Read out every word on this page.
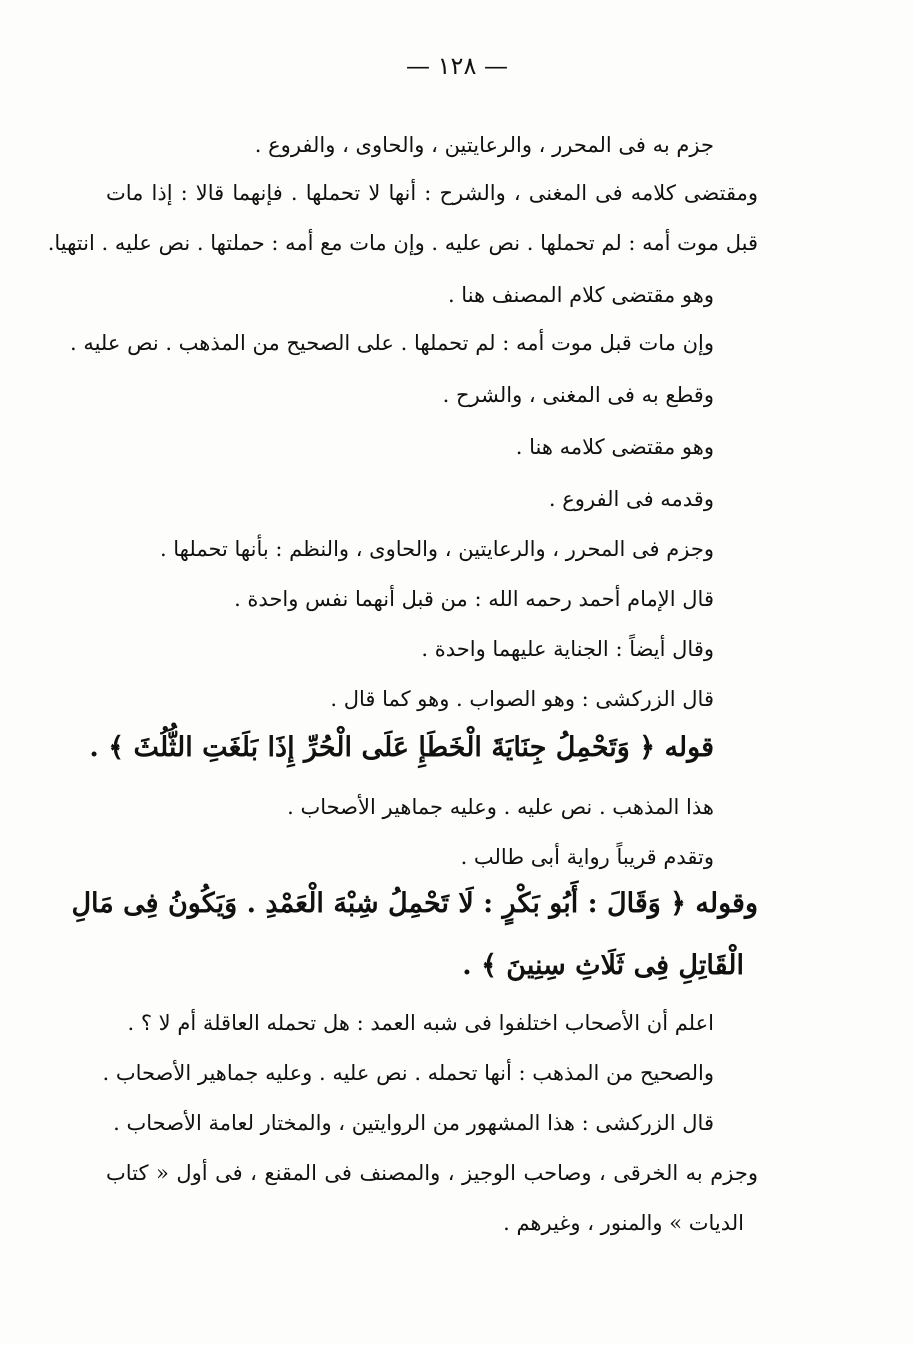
— ١٢٨ —
جزم به فى المحرر ، والرعايتين ، والحاوى ، والفروع .
ومقتضى كلامه فى المغنى ، والشرح : أنها لا تحملها . فإنهما قالا : إذا مات
قبل موت أمه : لم تحملها . نص عليه . وإن مات مع أمه : حملتها . نص عليه . انتهيا.
وهو مقتضى كلام المصنف هنا .
وإن مات قبل موت أمه : لم تحملها . على الصحيح من المذهب . نص عليه .
وقطع به فى المغنى ، والشرح .
وهو مقتضى كلامه هنا .
وقدمه فى الفروع .
وجزم فى المحرر ، والرعايتين ، والحاوى ، والنظم : بأنها تحملها .
قال الإمام أحمد رحمه الله : من قبل أنهما نفس واحدة .
وقال أيضاً : الجناية عليهما واحدة .
قال الزركشى : وهو الصواب . وهو كما قال .
قوله ﴿ وَتَحْمِلُ جِنَايَةَ الْخَطَإِ عَلَى الْحُرِّ إِذَا بَلَغَتِ الثُّلُثَ ﴾ .
هذا المذهب . نص عليه . وعليه جماهير الأصحاب .
وتقدم قريباً رواية أبى طالب .
وقوله ﴿ وَقَالَ : أَبُو بَكْرٍ : لَا تَحْمِلُ شِبْهَ الْعَمْدِ . وَيَكُونُ فِى مَالِ
الْقَاتِلِ فِى ثَلَاثِ سِنِينَ ﴾ .
اعلم أن الأصحاب اختلفوا فى شبه العمد : هل تحمله العاقلة أم لا ؟ .
والصحيح من المذهب : أنها تحمله . نص عليه . وعليه جماهير الأصحاب .
قال الزركشى : هذا المشهور من الروايتين ، والمختار لعامة الأصحاب .
وجزم به الخرقى ، وصاحب الوجيز ، والمصنف فى المقنع ، فى أول « كتاب
الديات » والمنور ، وغيرهم .
